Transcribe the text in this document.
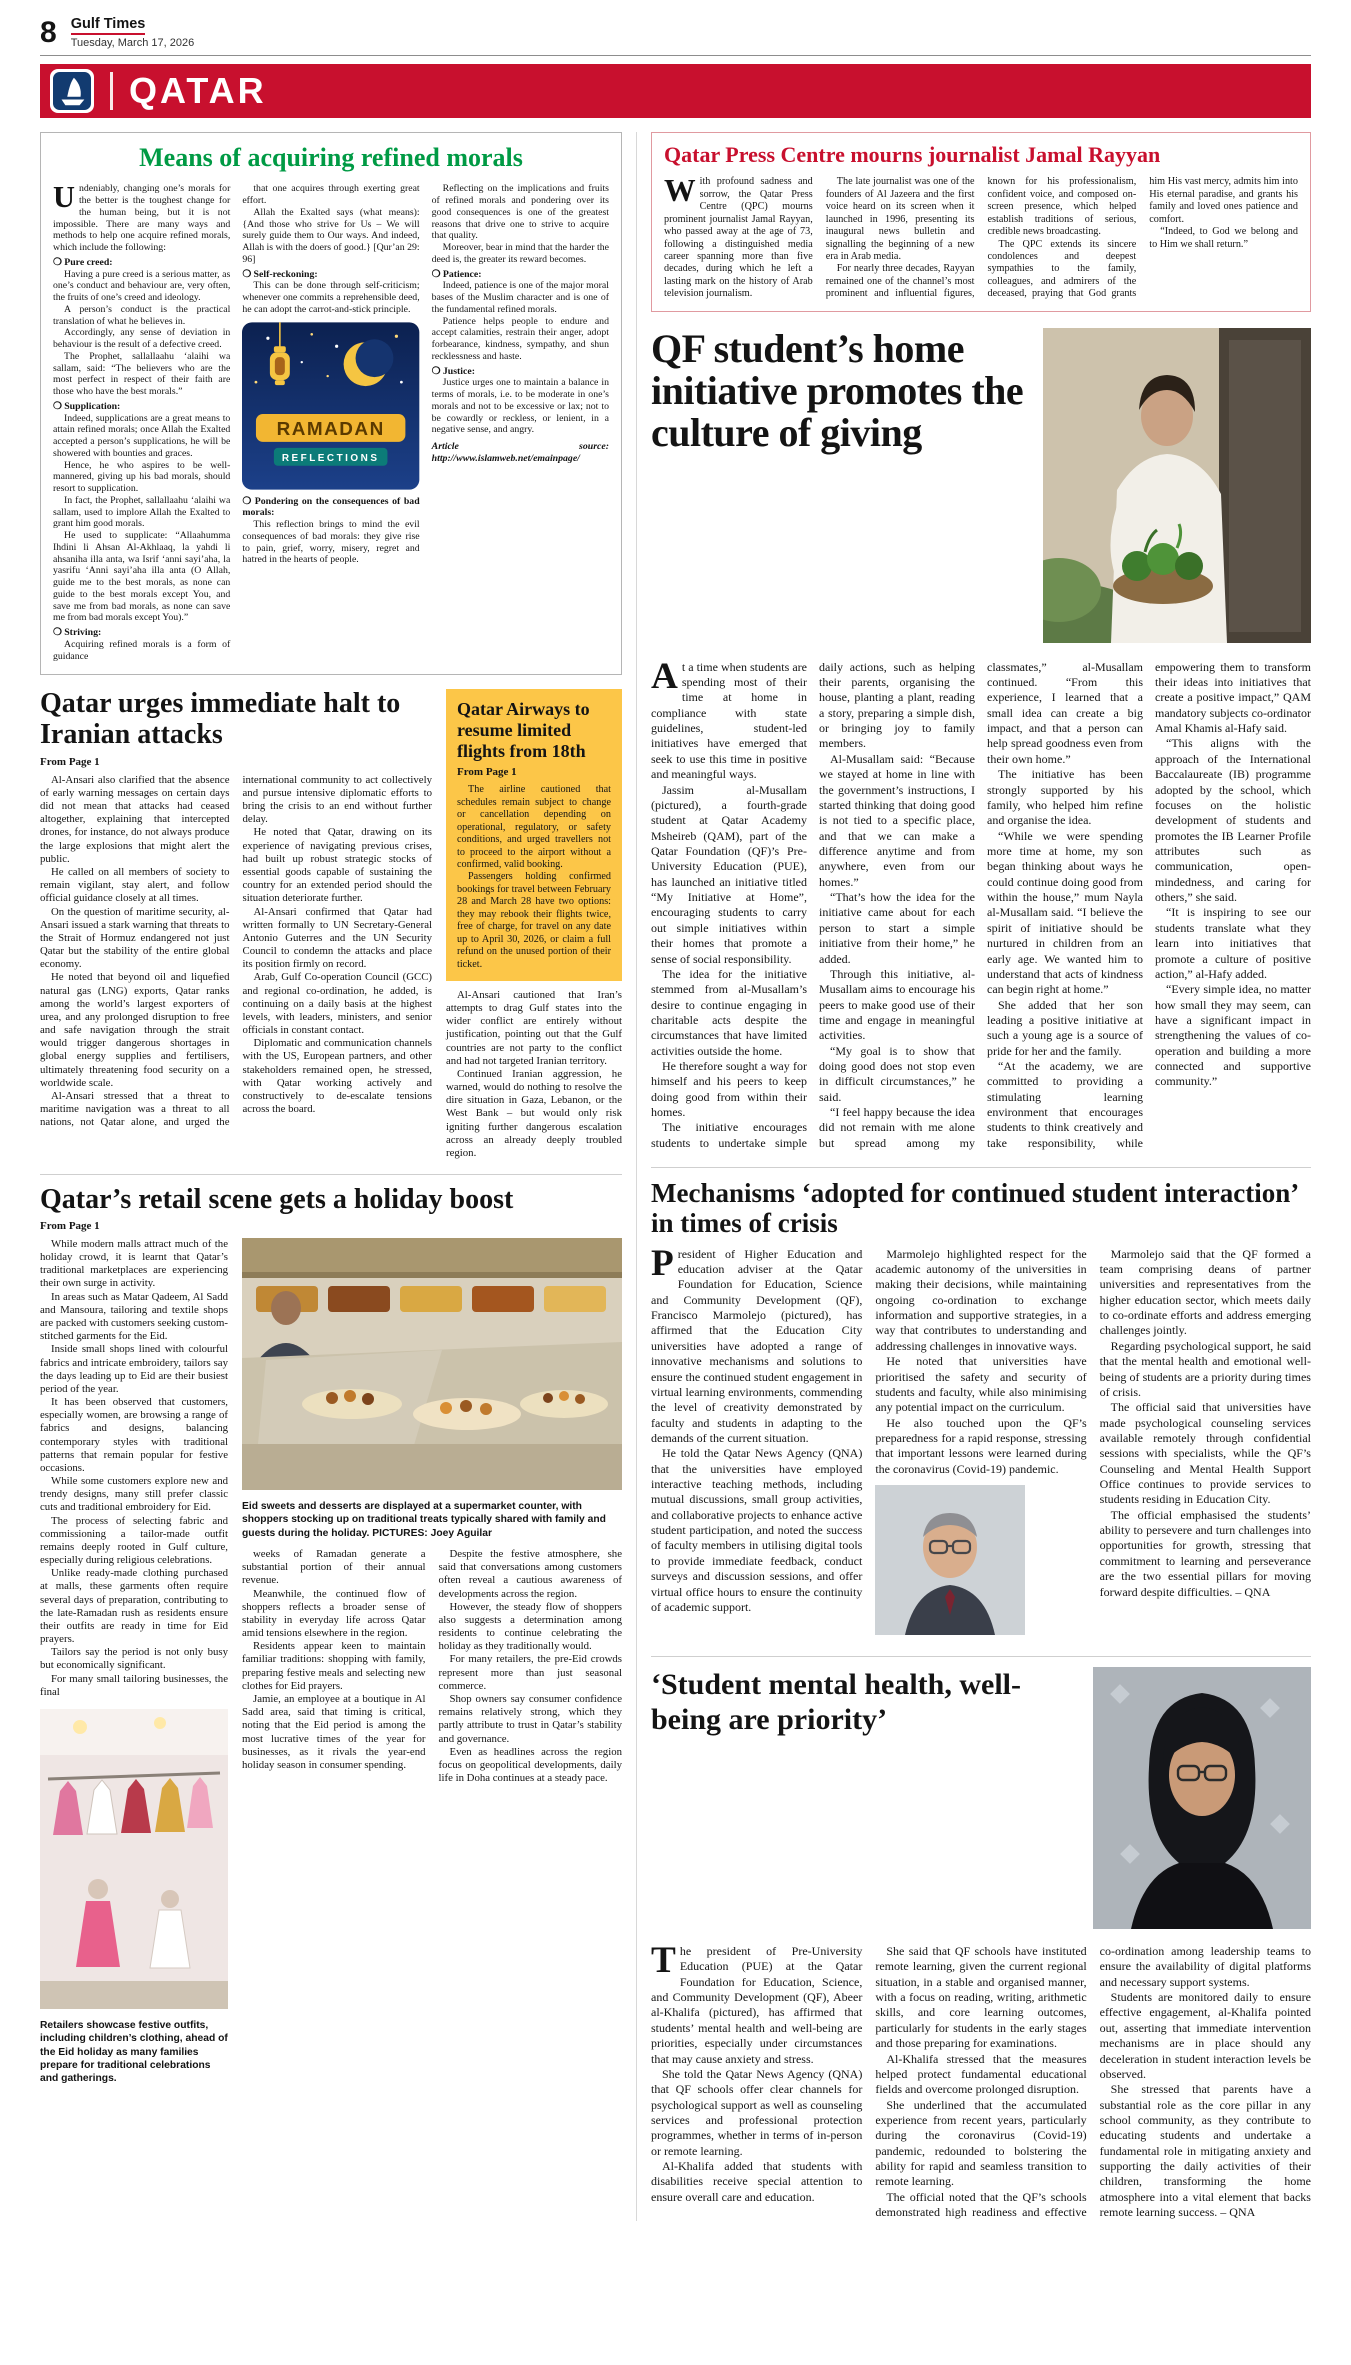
8 Gulf Times
Tuesday, March 17, 2026
QATAR
Means of acquiring refined morals

Undeniably, changing one’s morals for the better is the toughest change for the human being, but it is not impossible. There are many ways and methods to help one acquire refined morals, which include the following:

❍ Pure creed:

Having a pure creed is a serious matter, as one’s conduct and behaviour are, very often, the fruits of one’s creed and ideology.

A person’s conduct is the practical translation of what he believes in.

Accordingly, any sense of deviation in behaviour is the result of a defective creed.

The Prophet, sallallaahu ‘alaihi wa sallam, said: “The believers who are the most perfect in respect of their faith are those who have the best morals.”

❍ Supplication:

Indeed, supplications are a great means to attain refined morals; once Allah the Exalted accepted a person’s supplications, he will be showered with bounties and graces.

Hence, he who aspires to be well-mannered, giving up his bad morals, should resort to supplication.

In fact, the Prophet, sallallaahu ‘alaihi wa sallam, used to implore Allah the Exalted to grant him good morals.

He used to supplicate: “Allaahumma Ihdini li Ahsan Al-Akhlaaq, la yahdi li ahsaniha illa anta, wa Isrif ‘anni sayi’aha, la yasrifu ‘Anni sayi’aha illa anta (O Allah, guide me to the best morals, as none can guide to the best morals except You, and save me from bad morals, as none can save me from bad morals except You).”

❍ Striving:

Acquiring refined morals is a form of guidance

that one acquires through exerting great effort.

Allah the Exalted says (what means): {And those who strive for Us – We will surely guide them to Our ways. And indeed, Allah is with the doers of good.} [Qur’an 29: 96]

❍ Self-reckoning:

This can be done through self-criticism; whenever one commits a reprehensible deed, he can adopt the carrot-and-stick principle.

RAMADAN
REFLECTIONS

❍ Pondering on the consequences of bad morals:

This reflection brings to mind the evil consequences of bad morals: they give rise to pain, grief, worry, misery, regret and hatred in the hearts of people.

Reflecting on the implications and fruits of refined morals and pondering over its good consequences is one of the greatest reasons that drive one to strive to acquire that quality.

Moreover, bear in mind that the harder the deed is, the greater its reward becomes.

❍ Patience:

Indeed, patience is one of the major moral bases of the Muslim character and is one of the fundamental refined morals.

Patience helps people to endure and accept calamities, restrain their anger, adopt forbearance, kindness, sympathy, and shun recklessness and haste.

❍ Justice:

Justice urges one to maintain a balance in terms of morals, i.e. to be moderate in one’s morals and not to be excessive or lax; not to be cowardly or reckless, or lenient, in a negative sense, and angry.

Article source: http://www.islamweb.net/emainpage/

Qatar urges immediate halt to Iranian attacks

From Page 1

Al-Ansari also clarified that the absence of early warning messages on certain days did not mean that attacks had ceased altogether, explaining that intercepted drones, for instance, do not always produce the large explosions that might alert the public.

He called on all members of society to remain vigilant, stay alert, and follow official guidance closely at all times.

On the question of maritime security, al-Ansari issued a stark warning that threats to the Strait of Hormuz endangered not just Qatar but the stability of the entire global economy.

He noted that beyond oil and liquefied natural gas (LNG) exports, Qatar ranks among the world’s largest exporters of urea, and any prolonged disruption to free and safe navigation through the strait would trigger dangerous shortages in global energy supplies and fertilisers, ultimately threatening food security on a worldwide scale.

Al-Ansari stressed that a threat to maritime navigation was a threat to all nations, not Qatar alone, and urged the international community to act collectively and pursue intensive diplomatic efforts to bring the crisis to an end without further delay.

He noted that Qatar, drawing on its experience of navigating previous crises, had built up robust strategic stocks of essential goods capable of sustaining the country for an extended period should the situation deteriorate further.

Al-Ansari confirmed that Qatar had written formally to UN Secretary-General Antonio Guterres and the UN Security Council to condemn the attacks and place its position firmly on record.

Arab, Gulf Co-operation Council (GCC) and regional co-ordination, he added, is continuing on a daily basis at the highest levels, with leaders, ministers, and senior officials in constant contact.

Diplomatic and communication channels with the US, European partners, and other stakeholders remained open, he stressed, with Qatar working actively and constructively to de-escalate tensions across the board.

Qatar Airways to resume limited flights from 18th

From Page 1

The airline cautioned that schedules remain subject to change or cancellation depending on operational, regulatory, or safety conditions, and urged travellers not to proceed to the airport without a confirmed, valid booking.

Passengers holding confirmed bookings for travel between February 28 and March 28 have two options: they may rebook their flights twice, free of charge, for travel on any date up to April 30, 2026, or claim a full refund on the unused portion of their ticket.

Al-Ansari cautioned that Iran’s attempts to drag Gulf states into the wider conflict are entirely without justification, pointing out that the Gulf countries are not party to the conflict and had not targeted Iranian territory.

Continued Iranian aggression, he warned, would do nothing to resolve the dire situation in Gaza, Lebanon, or the West Bank – but would only risk igniting further dangerous escalation across an already deeply troubled region.

Qatar’s retail scene gets a holiday boost

From Page 1

While modern malls attract much of the holiday crowd, it is learnt that Qatar’s traditional marketplaces are experiencing their own surge in activity.

In areas such as Matar Qadeem, Al Sadd and Mansoura, tailoring and textile shops are packed with customers seeking custom-stitched garments for the Eid.

Inside small shops lined with colourful fabrics and intricate embroidery, tailors say the days leading up to Eid are their busiest period of the year.

It has been observed that customers, especially women, are browsing a range of fabrics and designs, balancing contemporary styles with traditional patterns that remain popular for festive occasions.

While some customers explore new and trendy designs, many still prefer classic cuts and traditional embroidery for Eid.

The process of selecting fabric and commissioning a tailor-made outfit remains deeply rooted in Gulf culture, especially during religious celebrations.

Unlike ready-made clothing purchased at malls, these garments often require several days of preparation, contributing to the late-Ramadan rush as residents ensure their outfits are ready in time for Eid prayers.

Tailors say the period is not only busy but economically significant.

For many small tailoring businesses, the final

Retailers showcase festive outfits, including children’s clothing, ahead of the Eid holiday as many families prepare for traditional celebrations and gatherings.
Eid sweets and desserts are displayed at a supermarket counter, with shoppers stocking up on traditional treats typically shared with family and guests during the holiday. PICTURES: Joey Aguilar

weeks of Ramadan generate a substantial portion of their annual revenue.

Meanwhile, the continued flow of shoppers reflects a broader sense of stability in everyday life across Qatar amid tensions elsewhere in the region.

Residents appear keen to maintain familiar traditions: shopping with family, preparing festive meals and selecting new clothes for Eid prayers.

Jamie, an employee at a boutique in Al Sadd area, said that timing is critical, noting that the Eid period is among the most lucrative times of the year for businesses, as it rivals the year-end holiday season in consumer spending.

Despite the festive atmosphere, she said that conversations among customers often reveal a cautious awareness of developments across the region.

However, the steady flow of shoppers also suggests a determination among residents to continue celebrating the holiday as they traditionally would.

For many retailers, the pre-Eid crowds represent more than just seasonal commerce.

Shop owners say consumer confidence remains relatively strong, which they partly attribute to trust in Qatar’s stability and governance.

Even as headlines across the region focus on geopolitical developments, daily life in Doha continues at a steady pace.

Qatar Press Centre mourns journalist Jamal Rayyan

With profound sadness and sorrow, the Qatar Press Centre (QPC) mourns prominent journalist Jamal Rayyan, who passed away at the age of 73, following a distinguished media career spanning more than five decades, during which he left a lasting mark on the history of Arab television journalism.

The late journalist was one of the founders of Al Jazeera and the first voice heard on its screen when it launched in 1996, presenting its inaugural news bulletin and signalling the beginning of a new era in Arab media.

For nearly three decades, Rayyan remained one of the channel’s most prominent and influential figures, known for his professionalism, confident voice, and composed on-screen presence, which helped establish traditions of serious, credible news broadcasting.

The QPC extends its sincere condolences and deepest sympathies to the family, colleagues, and admirers of the deceased, praying that God grants him His vast mercy, admits him into His eternal paradise, and grants his family and loved ones patience and comfort.

“Indeed, to God we belong and to Him we shall return.”

QF student’s home initiative promotes the culture of giving

At a time when students are spending most of their time at home in compliance with state guidelines, student-led initiatives have emerged that seek to use this time in positive and meaningful ways.

Jassim al-Musallam (pictured), a fourth-grade student at Qatar Academy Msheireb (QAM), part of the Qatar Foundation (QF)’s Pre-University Education (PUE), has launched an initiative titled “My Initiative at Home”, encouraging students to carry out simple initiatives within their homes that promote a sense of social responsibility.

The idea for the initiative stemmed from al-Musallam’s desire to continue engaging in charitable acts despite the circumstances that have limited activities outside the home.

He therefore sought a way for himself and his peers to keep doing good from within their homes.

The initiative encourages students to undertake simple daily actions, such as helping their parents, organising the house, planting a plant, reading a story, preparing a simple dish, or bringing joy to family members.

Al-Musallam said: “Because we stayed at home in line with the government’s instructions, I started thinking that doing good is not tied to a specific place, and that we can make a difference anytime and from anywhere, even from our homes.”

“That’s how the idea for the initiative came about for each person to start a simple initiative from their home,” he added.

Through this initiative, al-Musallam aims to encourage his peers to make good use of their time and engage in meaningful activities.

“My goal is to show that doing good does not stop even in difficult circumstances,” he said.

“I feel happy because the idea did not remain with me alone but spread among my classmates,” al-Musallam continued. “From this experience, I learned that a small idea can create a big impact, and that a person can help spread goodness even from their own home.”

The initiative has been strongly supported by his family, who helped him refine and organise the idea.

“While we were spending more time at home, my son began thinking about ways he could continue doing good from within the house,” mum Nayla al-Musallam said. “I believe the spirit of initiative should be nurtured in children from an early age. We wanted him to understand that acts of kindness can begin right at home.”

She added that her son leading a positive initiative at such a young age is a source of pride for her and the family.

“At the academy, we are committed to providing a stimulating learning environment that encourages students to think creatively and take responsibility, while empowering them to transform their ideas into initiatives that create a positive impact,” QAM mandatory subjects co-ordinator Amal Khamis al-Hafy said.

“This aligns with the approach of the International Baccalaureate (IB) programme adopted by the school, which focuses on the holistic development of students and promotes the IB Learner Profile attributes such as communication, open-mindedness, and caring for others,” she said.

“It is inspiring to see our students translate what they learn into initiatives that promote a culture of positive action,” al-Hafy added.

“Every simple idea, no matter how small they may seem, can have a significant impact in strengthening the values of co-operation and building a more connected and supportive community.”

Mechanisms ‘adopted for continued student interaction’ in times of crisis

President of Higher Education and education adviser at the Qatar Foundation for Education, Science and Community Development (QF), Francisco Marmolejo (pictured), has affirmed that the Education City universities have adopted a range of innovative mechanisms and solutions to ensure the continued student engagement in virtual learning environments, commending the level of creativity demonstrated by faculty and students in adapting to the demands of the current situation.

He told the Qatar News Agency (QNA) that the universities have employed interactive teaching methods, including mutual discussions, small group activities, and collaborative projects to enhance active student participation, and noted the success of faculty members in utilising digital tools to provide immediate feedback, conduct surveys and discussion sessions, and offer virtual office hours to ensure the continuity of academic support.

Marmolejo highlighted respect for the academic autonomy of the universities in making their decisions, while maintaining ongoing co-ordination to exchange information and supportive strategies, in a way that contributes to understanding and addressing challenges in innovative ways.

He noted that universities have prioritised the safety and security of students and faculty, while also minimising any potential impact on the curriculum.

He also touched upon the QF’s preparedness for a rapid response, stressing that important lessons were learned during the coronavirus (Covid-19) pandemic.

Marmolejo said that the QF formed a team comprising deans of partner universities and representatives from the higher education sector, which meets daily to co-ordinate efforts and address emerging challenges jointly.

Regarding psychological support, he said that the mental health and emotional well-being of students are a priority during times of crisis.

The official said that universities have made psychological counseling services available remotely through confidential sessions with specialists, while the QF’s Counseling and Mental Health Support Office continues to provide services to students residing in Education City.

The official emphasised the students’ ability to persevere and turn challenges into opportunities for growth, stressing that commitment to learning and perseverance are the two essential pillars for moving forward despite difficulties. – QNA

‘Student mental health, well-being are priority’

The president of Pre-University Education (PUE) at the Qatar Foundation for Education, Science, and Community Development (QF), Abeer al-Khalifa (pictured), has affirmed that students’ mental health and well-being are priorities, especially under circumstances that may cause anxiety and stress.

She told the Qatar News Agency (QNA) that QF schools offer clear channels for psychological support as well as counseling services and professional protection programmes, whether in terms of in-person or remote learning.

Al-Khalifa added that students with disabilities receive special attention to ensure overall care and education.

She said that QF schools have instituted remote learning, given the current regional situation, in a stable and organised manner, with a focus on reading, writing, arithmetic skills, and core learning outcomes, particularly for students in the early stages and those preparing for examinations.

Al-Khalifa stressed that the measures helped protect fundamental educational fields and overcome prolonged disruption.

She underlined that the accumulated experience from recent years, particularly during the coronavirus (Covid-19) pandemic, redounded to bolstering the ability for rapid and seamless transition to remote learning.

The official noted that the QF’s schools demonstrated high readiness and effective co-ordination among leadership teams to ensure the availability of digital platforms and necessary support systems.

Students are monitored daily to ensure effective engagement, al-Khalifa pointed out, asserting that immediate intervention mechanisms are in place should any deceleration in student interaction levels be observed.

She stressed that parents have a substantial role as the core pillar in any school community, as they contribute to educating students and undertake a fundamental role in mitigating anxiety and supporting the daily activities of their children, transforming the home atmosphere into a vital element that backs remote learning success. – QNA
